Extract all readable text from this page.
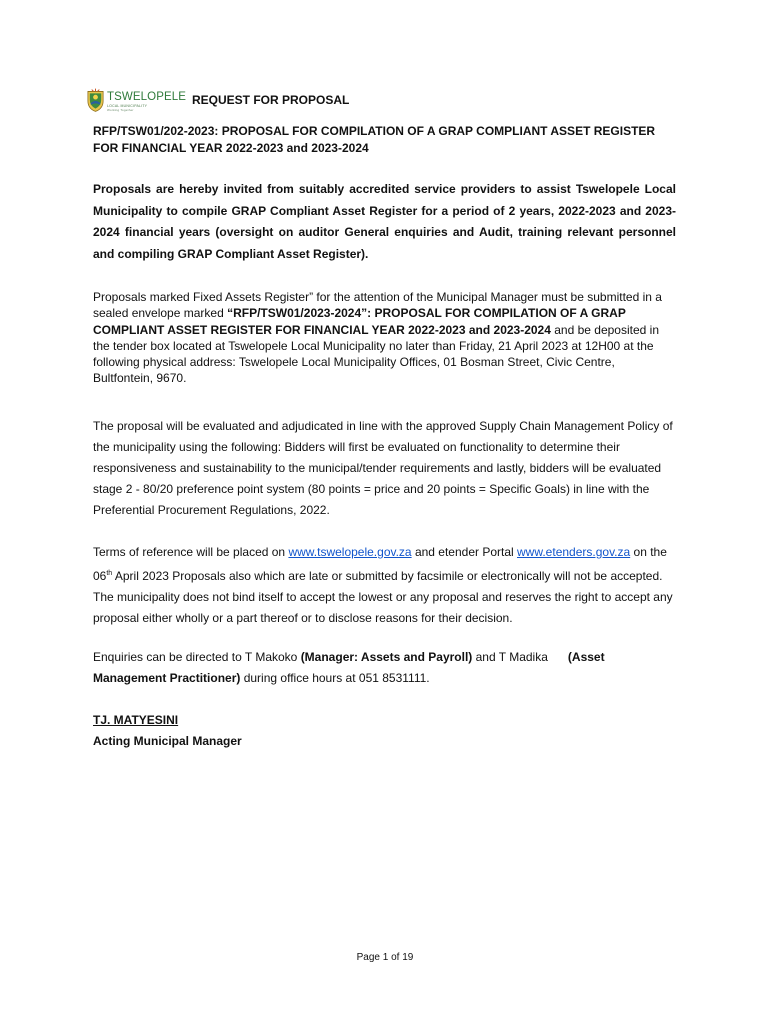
TSWELOPELE
LOCAL MUNICIPALITY
Working Together
REQUEST FOR PROPOSAL
RFP/TSW01/202-2023: PROPOSAL FOR COMPILATION OF A GRAP COMPLIANT ASSET REGISTER FOR FINANCIAL YEAR 2022-2023 and 2023-2024
Proposals are hereby invited from suitably accredited service providers to assist Tswelopele Local Municipality to compile GRAP Compliant Asset Register for a period of 2 years, 2022-2023 and 2023-2024 financial years (oversight on auditor General enquiries and Audit, training relevant personnel and compiling GRAP Compliant Asset Register).
Proposals marked Fixed Assets Register” for the attention of the Municipal Manager must be submitted in a sealed envelope marked “RFP/TSW01/2023-2024”: PROPOSAL FOR COMPILATION OF A GRAP COMPLIANT ASSET REGISTER FOR FINANCIAL YEAR 2022-2023 and 2023-2024 and be deposited in the tender box located at Tswelopele Local Municipality no later than Friday, 21 April 2023 at 12H00 at the following physical address: Tswelopele Local Municipality Offices, 01 Bosman Street, Civic Centre, Bultfontein, 9670.
The proposal will be evaluated and adjudicated in line with the approved Supply Chain Management Policy of the municipality using the following: Bidders will first be evaluated on functionality to determine their responsiveness and sustainability to the municipal/tender requirements and lastly, bidders will be evaluated stage 2 - 80/20 preference point system (80 points = price and 20 points = Specific Goals) in line with the Preferential Procurement Regulations, 2022.
Terms of reference will be placed on www.tswelopele.gov.za and etender Portal www.etenders.gov.za on the 06th April 2023 Proposals also which are late or submitted by facsimile or electronically will not be accepted. The municipality does not bind itself to accept the lowest or any proposal and reserves the right to accept any proposal either wholly or a part thereof or to disclose reasons for their decision.
Enquiries can be directed to T Makoko (Manager: Assets and Payroll) and T Madika      (Asset Management Practitioner) during office hours at 051 8531111.
TJ. MATYESINI
Acting Municipal Manager
Page 1 of 19
